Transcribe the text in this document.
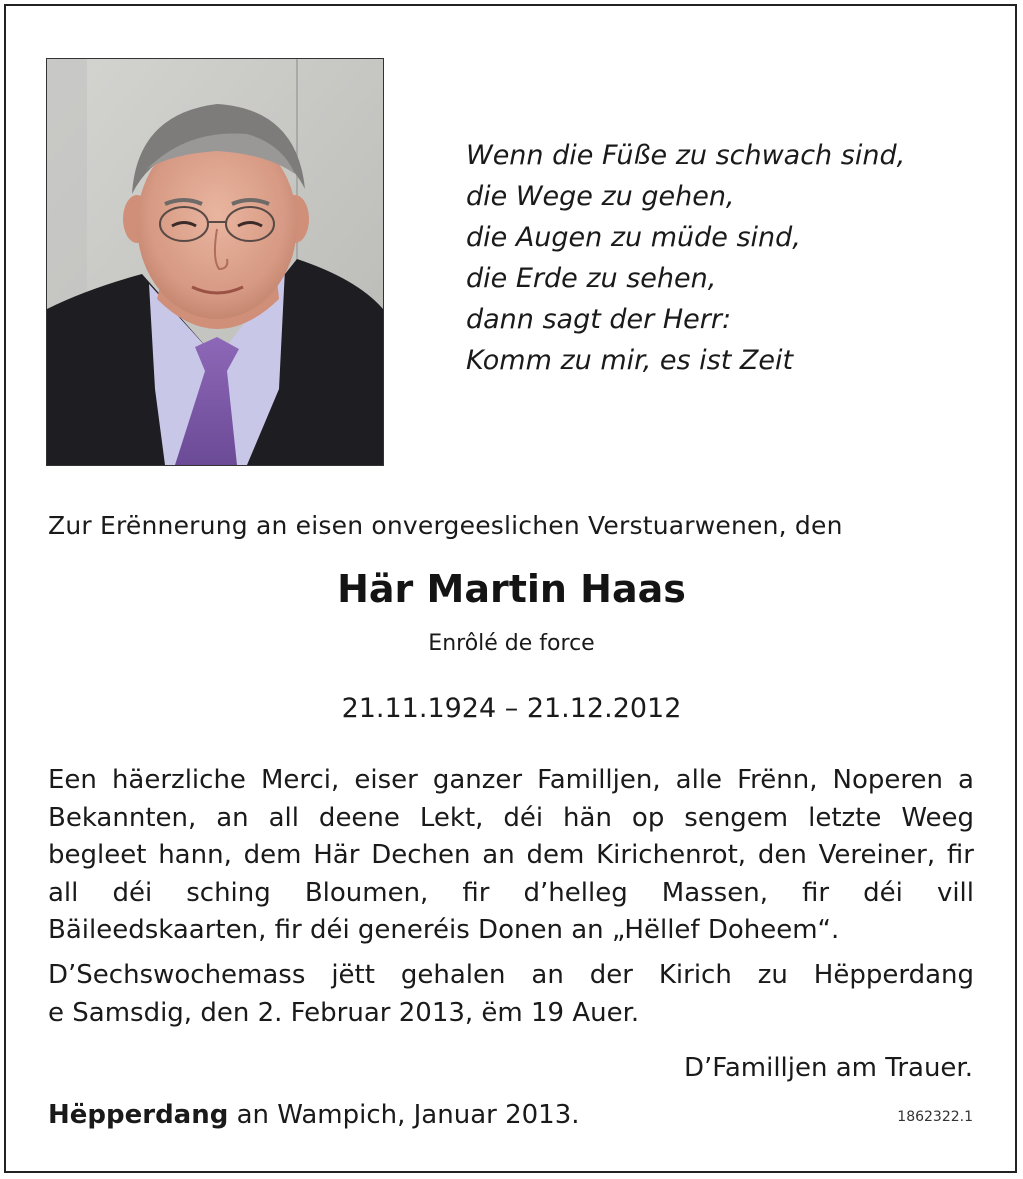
Wenn die Füße zu schwach sind,
die Wege zu gehen,
die Augen zu müde sind,
die Erde zu sehen,
dann sagt der Herr:
Komm zu mir, es ist Zeit
Zur Erënnerung an eisen onvergeeslichen Verstuarwenen, den
Här Martin Haas
Enrôlé de force
21.11.1924 – 21.12.2012
Een häerzliche Merci, eiser ganzer Familljen, alle Frënn, Noperen a
Bekannten, an all deene Lekt, déi hän op sengem letzte Weeg
begleet hann, dem Här Dechen an dem Kirichenrot, den Vereiner, fir
all déi sching Bloumen, fir d’helleg Massen, fir déi vill
Bäileedskaarten, fir déi generéis Donen an „Hëllef Doheem“.
D’Sechswochemass jëtt gehalen an der Kirich zu Hëpperdang
e Samsdig, den 2. Februar 2013, ëm 19 Auer.
D’Familljen am Trauer.
Hëpperdang an Wampich, Januar 2013.	1862322.1
